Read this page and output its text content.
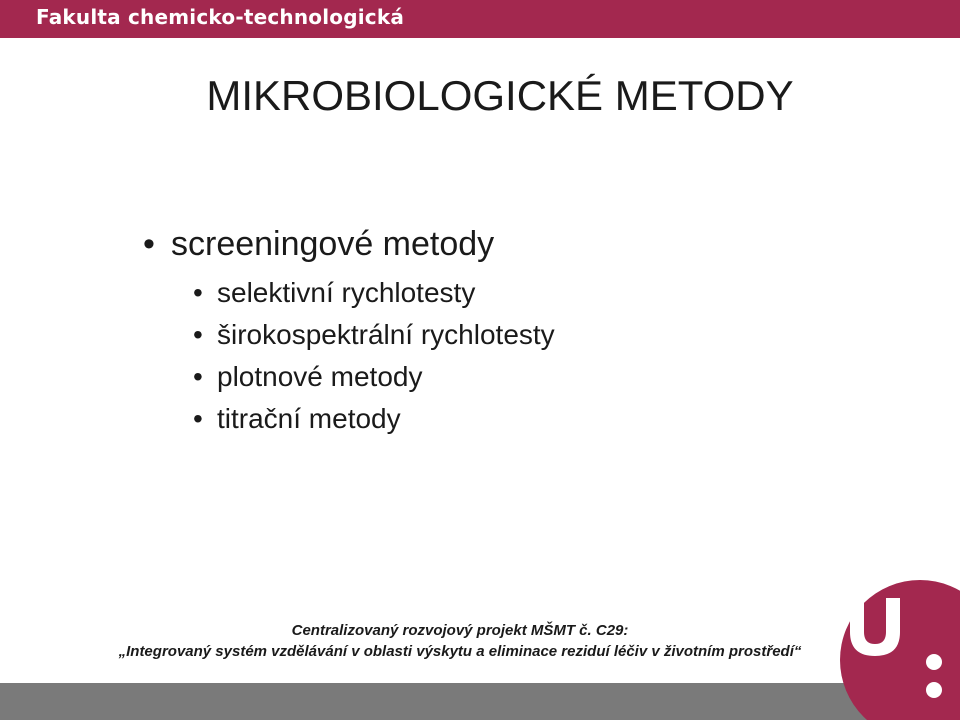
Fakulta chemicko-technologická
MIKROBIOLOGICKÉ METODY
• screeningové metody
• selektivní rychlotesty
• širokospektrální rychlotesty
• plotnové metody
• titrační metody
Centralizovaný rozvojový projekt MŠMT č. C29:
„Integrovaný systém vzdělávání v oblasti výskytu a eliminace reziduí léčiv v životním prostředí“
